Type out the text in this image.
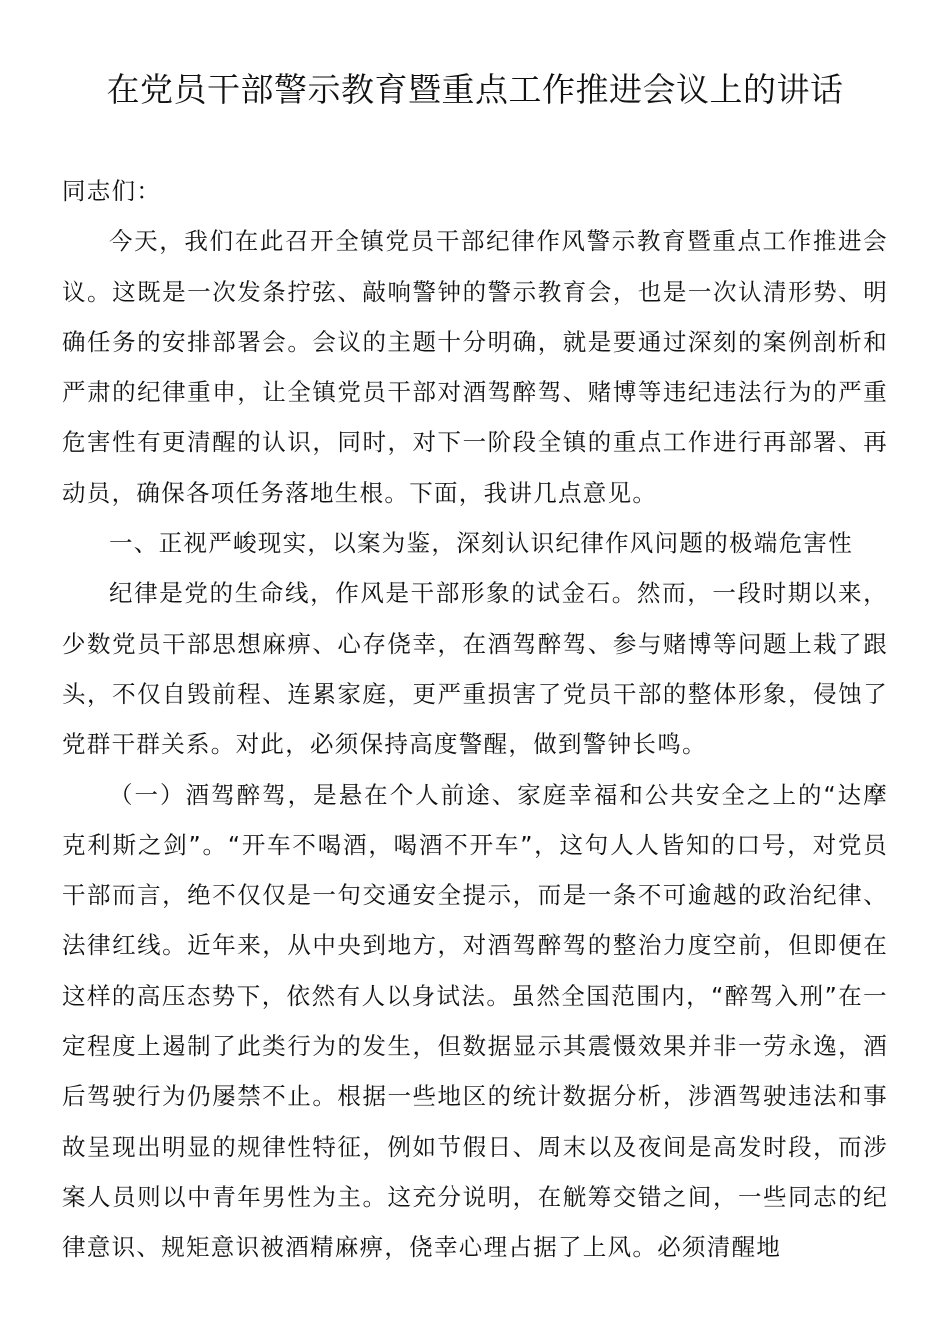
在党员干部警示教育暨重点工作推进会议上的讲话

同志们：

今天，我们在此召开全镇党员干部纪律作风警示教育暨重点工作推进会议。这既是一次发条拧弦、敲响警钟的警示教育会，也是一次认清形势、明确任务的安排部署会。会议的主题十分明确，就是要通过深刻的案例剖析和严肃的纪律重申，让全镇党员干部对酒驾醉驾、赌博等违纪违法行为的严重危害性有更清醒的认识，同时，对下一阶段全镇的重点工作进行再部署、再动员，确保各项任务落地生根。下面，我讲几点意见。

一、正视严峻现实，以案为鉴，深刻认识纪律作风问题的极端危害性

纪律是党的生命线，作风是干部形象的试金石。然而，一段时期以来，少数党员干部思想麻痹、心存侥幸，在酒驾醉驾、参与赌博等问题上栽了跟头，不仅自毁前程、连累家庭，更严重损害了党员干部的整体形象，侵蚀了党群干群关系。对此，必须保持高度警醒，做到警钟长鸣。

（一）酒驾醉驾，是悬在个人前途、家庭幸福和公共安全之上的“达摩克利斯之剑”。“开车不喝酒，喝酒不开车”，这句人人皆知的口号，对党员干部而言，绝不仅仅是一句交通安全提示，而是一条不可逾越的政治纪律、法律红线。近年来，从中央到地方，对酒驾醉驾的整治力度空前，但即便在这样的高压态势下，依然有人以身试法。虽然全国范围内，“醉驾入刑”在一定程度上遏制了此类行为的发生，但数据显示其震慑效果并非一劳永逸，酒后驾驶行为仍屡禁不止。根据一些地区的统计数据分析，涉酒驾驶违法和事故呈现出明显的规律性特征，例如节假日、周末以及夜间是高发时段，而涉案人员则以中青年男性为主。这充分说明，在觥筹交错之间，一些同志的纪律意识、规矩意识被酒精麻痹，侥幸心理占据了上风。必须清醒地
